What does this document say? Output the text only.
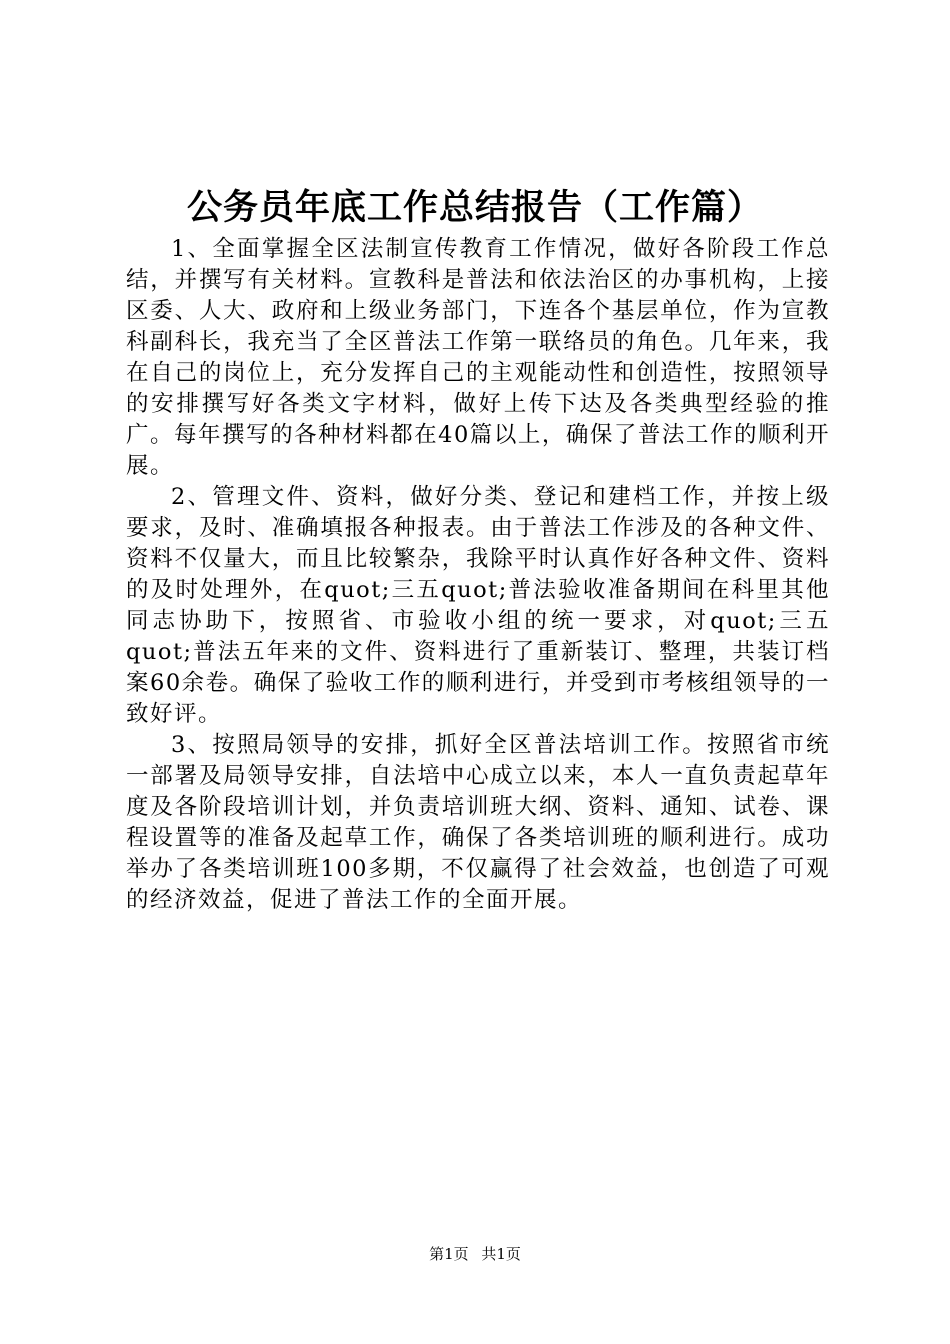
公务员年底工作总结报告（工作篇）

1、全面掌握全区法制宣传教育工作情况，做好各阶段工作总结，并撰写有关材料。宣教科是普法和依法治区的办事机构，上接区委、人大、政府和上级业务部门，下连各个基层单位，作为宣教科副科长，我充当了全区普法工作第一联络员的角色。几年来，我在自己的岗位上，充分发挥自己的主观能动性和创造性，按照领导的安排撰写好各类文字材料，做好上传下达及各类典型经验的推广。每年撰写的各种材料都在40篇以上，确保了普法工作的顺利开展。

2、管理文件、资料，做好分类、登记和建档工作，并按上级要求，及时、准确填报各种报表。由于普法工作涉及的各种文件、资料不仅量大，而且比较繁杂，我除平时认真作好各种文件、资料的及时处理外，在quot;三五quot;普法验收准备期间在科里其他同志协助下，按照省、市验收小组的统一要求，对quot;三五quot;普法五年来的文件、资料进行了重新装订、整理，共装订档案60余卷。确保了验收工作的顺利进行，并受到市考核组领导的一致好评。

3、按照局领导的安排，抓好全区普法培训工作。按照省市统一部署及局领导安排，自法培中心成立以来，本人一直负责起草年度及各阶段培训计划，并负责培训班大纲、资料、通知、试卷、课程设置等的准备及起草工作，确保了各类培训班的顺利进行。成功举办了各类培训班100多期，不仅赢得了社会效益，也创造了可观的经济效益，促进了普法工作的全面开展。

第1页 共1页
